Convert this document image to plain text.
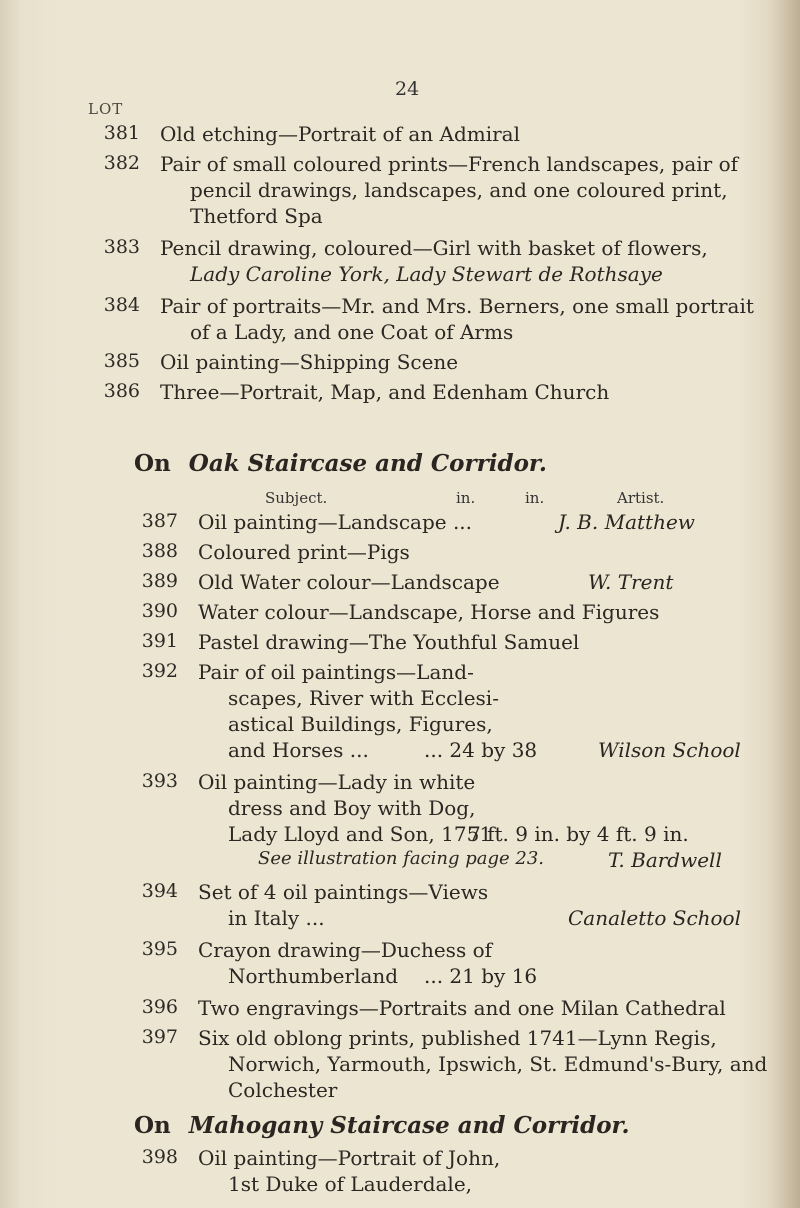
24
LOT
381 Old etching—Portrait of an Admiral
382 Pair of small coloured prints—French landscapes, pair of
pencil drawings, landscapes, and one coloured print,
Thetford Spa
383 Pencil drawing, coloured—Girl with basket of flowers,
Lady Caroline York, Lady Stewart de Rothsaye
384 Pair of portraits—Mr. and Mrs. Berners, one small portrait
of a Lady, and one Coat of Arms
385 Oil painting—Shipping Scene
386 Three—Portrait, Map, and Edenham Church
On Oak Staircase and Corridor.
Subject.	in.	in.	Artist.
387 Oil painting—Landscape ...	J. B. Matthew
388 Coloured print—Pigs
389 Old Water colour—Landscape	W. Trent
390 Water colour—Landscape, Horse and Figures
391 Pastel drawing—The Youthful Samuel
392 Pair of oil paintings—Land-
scapes, River with Ecclesi-
astical Buildings, Figures,
and Horses ...	... 24 by 38	Wilson School
393 Oil painting—Lady in white
dress and Boy with Dog,
Lady Lloyd and Son, 1751
7 ft. 9 in. by 4 ft. 9 in.
See illustration facing page 23.	T. Bardwell
394 Set of 4 oil paintings—Views
in Italy ...	Canaletto School
395 Crayon drawing—Duchess of
Northumberland ... 21 by 16
396 Two engravings—Portraits and one Milan Cathedral
397 Six old oblong prints, published 1741—Lynn Regis,
Norwich, Yarmouth, Ipswich, St. Edmund's-Bury, and
Colchester
On Mahogany Staircase and Corridor.
398 Oil painting—Portrait of John,
1st Duke of Lauderdale,
